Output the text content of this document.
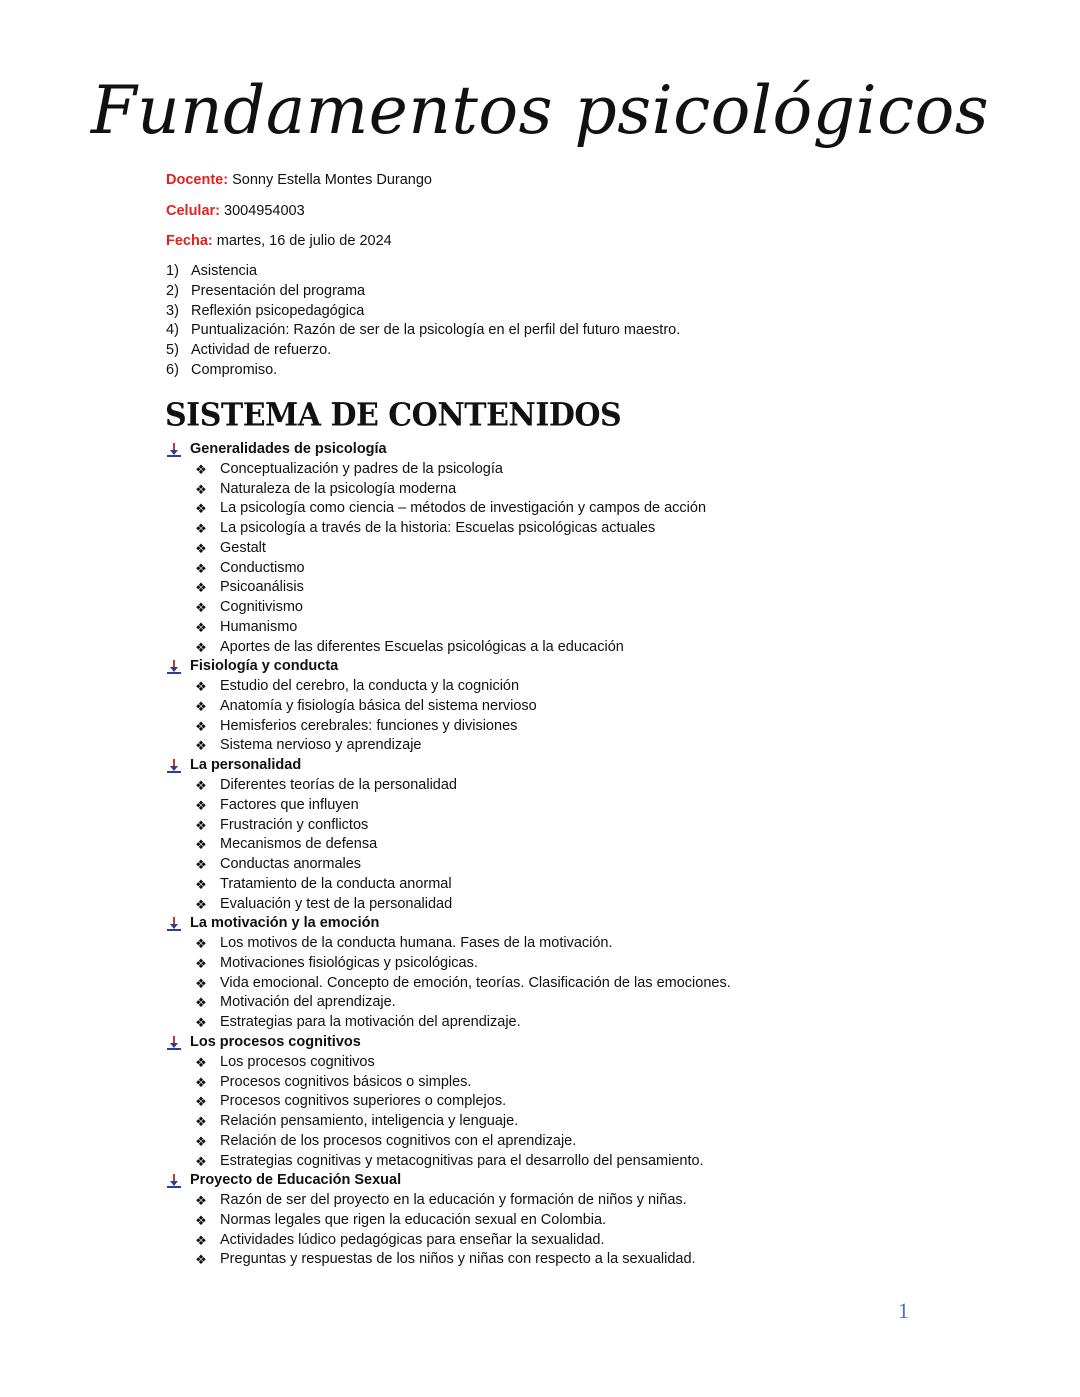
Fundamentos psicológicos
Docente: Sonny Estella Montes Durango
Celular: 3004954003
Fecha: martes, 16 de julio de 2024
1) Asistencia
2) Presentación del programa
3) Reflexión psicopedagógica
4) Puntualización: Razón de ser de la psicología en el perfil del futuro maestro.
5) Actividad de refuerzo.
6) Compromiso.
SISTEMA DE CONTENIDOS
Generalidades de psicología
❖ Conceptualización y padres de la psicología
❖ Naturaleza de la psicología moderna
❖ La psicología como ciencia – métodos de investigación y campos de acción
❖ La psicología a través de la historia: Escuelas psicológicas actuales
❖ Gestalt
❖ Conductismo
❖ Psicoanálisis
❖ Cognitivismo
❖ Humanismo
❖ Aportes de las diferentes Escuelas psicológicas a la educación
Fisiología y conducta
❖ Estudio del cerebro, la conducta y la cognición
❖ Anatomía y fisiología básica del sistema nervioso
❖ Hemisferios cerebrales: funciones y divisiones
❖ Sistema nervioso y aprendizaje
La personalidad
❖ Diferentes teorías de la personalidad
❖ Factores que influyen
❖ Frustración y conflictos
❖ Mecanismos de defensa
❖ Conductas anormales
❖ Tratamiento de la conducta anormal
❖ Evaluación y test de la personalidad
La motivación y la emoción
❖ Los motivos de la conducta humana. Fases de la motivación.
❖ Motivaciones fisiológicas y psicológicas.
❖ Vida emocional. Concepto de emoción, teorías. Clasificación de las emociones.
❖ Motivación del aprendizaje.
❖ Estrategias para la motivación del aprendizaje.
Los procesos cognitivos
❖ Los procesos cognitivos
❖ Procesos cognitivos básicos o simples.
❖ Procesos cognitivos superiores o complejos.
❖ Relación pensamiento, inteligencia y lenguaje.
❖ Relación de los procesos cognitivos con el aprendizaje.
❖ Estrategias cognitivas y metacognitivas para el desarrollo del pensamiento.
Proyecto de Educación Sexual
❖ Razón de ser del proyecto en la educación y formación de niños y niñas.
❖ Normas legales que rigen la educación sexual en Colombia.
❖ Actividades lúdico pedagógicas para enseñar la sexualidad.
❖ Preguntas y respuestas de los niños y niñas con respecto a la sexualidad.
1
